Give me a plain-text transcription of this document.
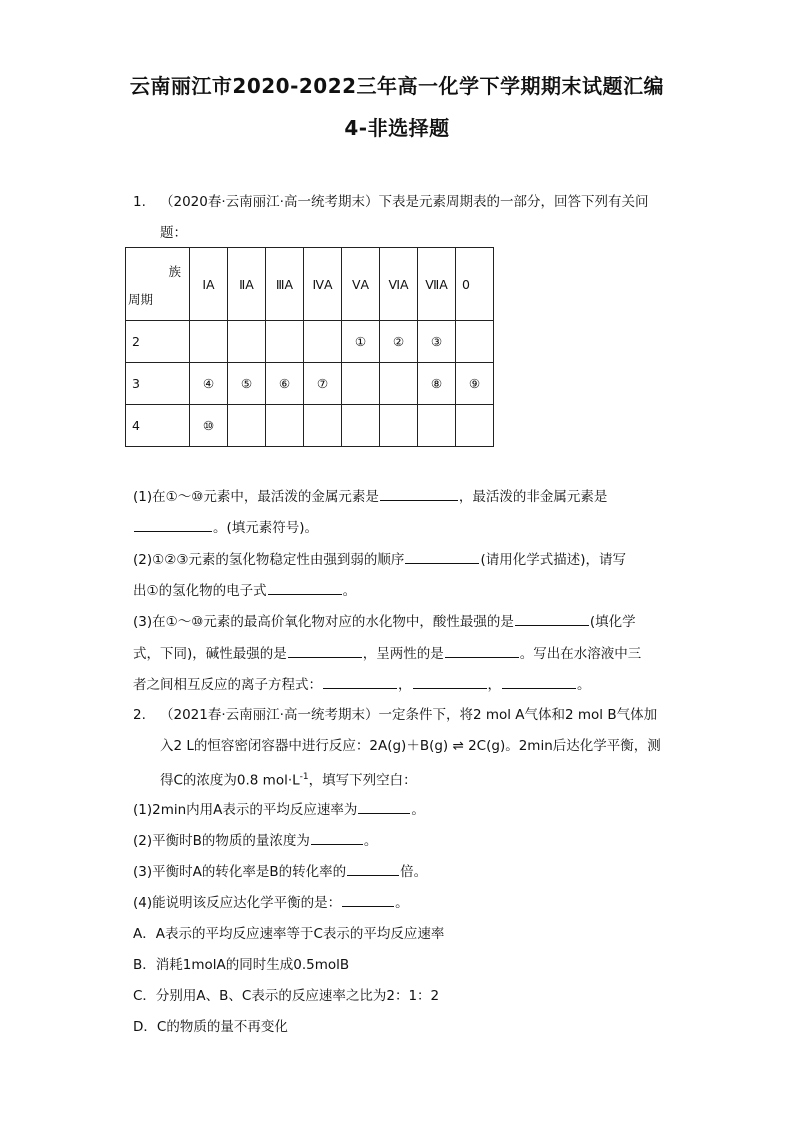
云南丽江市2020-2022三年高一化学下学期期末试题汇编
4-非选择题
1. （2020春·云南丽江·高一统考期末）下表是元素周期表的一部分，回答下列有关问
题：
族
周期	ⅠA	ⅡA	ⅢA	ⅣA	ⅤA	ⅥA	ⅦA	0
2					①	②	③	
3	④	⑤	⑥	⑦			⑧	⑨
4	⑩							
(1)在①～⑩元素中，最活泼的金属元素是	，最活泼的非金属元素是
。(填元素符号)。
(2)①②③元素的氢化物稳定性由强到弱的顺序	(请用化学式描述)，请写
出①的氢化物的电子式	。
(3)在①～⑩元素的最高价氧化物对应的水化物中，酸性最强的是	(填化学
式，下同)，碱性最强的是	，呈两性的是	。写出在水溶液中三
者之间相互反应的离子方程式：	，	，	。
2. （2021春·云南丽江·高一统考期末）一定条件下，将2 mol A气体和2 mol B气体加
入2 L的恒容密闭容器中进行反应：2A(g)＋B(g) ⇌ 2C(g)。2min后达化学平衡，测
得C的浓度为0.8 $mol\cdot L^{-1}$，填写下列空白：
(1)2min内用A表示的平均反应速率为	。
(2)平衡时B的物质的量浓度为	。
(3)平衡时A的转化率是B的转化率的	倍。
(4)能说明该反应达化学平衡的是：	。
A．A表示的平均反应速率等于C表示的平均反应速率
B．消耗1molA的同时生成0.5molB
C．分别用A、B、C表示的反应速率之比为2：1：2
D．C的物质的量不再变化
